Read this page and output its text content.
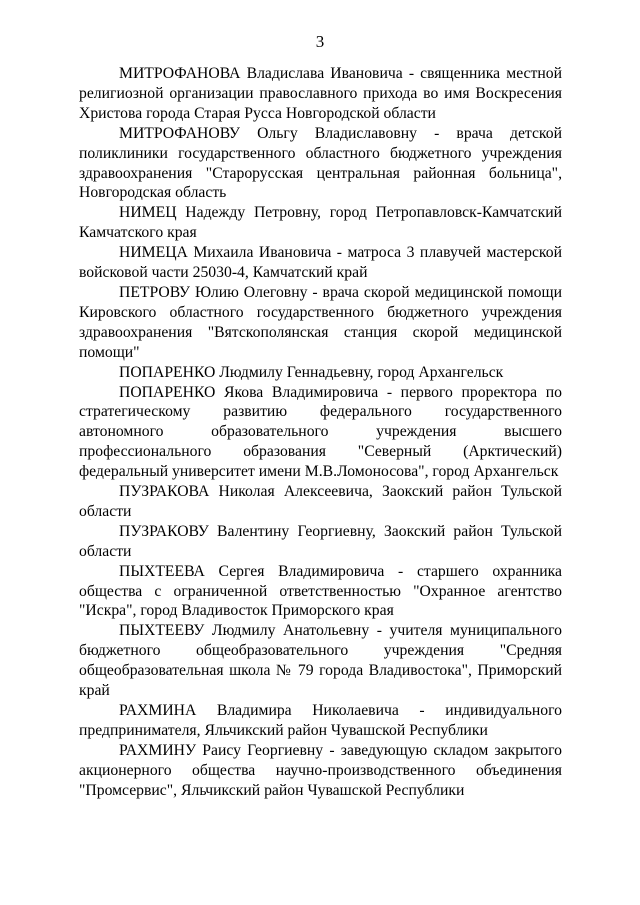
3

МИТРОФАНОВА Владислава Ивановича - священника местной религиозной организации православного прихода во имя Воскресения Христова города Старая Русса Новгородской области

МИТРОФАНОВУ Ольгу Владиславовну - врача детской поликлиники государственного областного бюджетного учреждения здравоохранения "Старорусская центральная районная больница", Новгородская область

НИМЕЦ Надежду Петровну, город Петропавловск-Камчатский Камчатского края

НИМЕЦА Михаила Ивановича - матроса 3 плавучей мастерской войсковой части 25030-4, Камчатский край

ПЕТРОВУ Юлию Олеговну - врача скорой медицинской помощи Кировского областного государственного бюджетного учреждения здравоохранения "Вятскополянская станция скорой медицинской помощи"

ПОПАРЕНКО Людмилу Геннадьевну, город Архангельск

ПОПАРЕНКО Якова Владимировича - первого проректора по стратегическому развитию федерального государственного автономного образовательного учреждения высшего профессионального образования "Северный (Арктический) федеральный университет имени М.В.Ломоносова", город Архангельск

ПУЗРАКОВА Николая Алексеевича, Заокский район Тульской области

ПУЗРАКОВУ Валентину Георгиевну, Заокский район Тульской области

ПЫХТЕЕВА Сергея Владимировича - старшего охранника общества с ограниченной ответственностью "Охранное агентство "Искра", город Владивосток Приморского края

ПЫХТЕЕВУ Людмилу Анатольевну - учителя муниципального бюджетного общеобразовательного учреждения "Средняя общеобразовательная школа № 79 города Владивостока", Приморский край

РАХМИНА Владимира Николаевича - индивидуального предпринимателя, Яльчикский район Чувашской Республики

РАХМИНУ Раису Георгиевну - заведующую складом закрытого акционерного общества научно-производственного объединения "Промсервис", Яльчикский район Чувашской Республики
